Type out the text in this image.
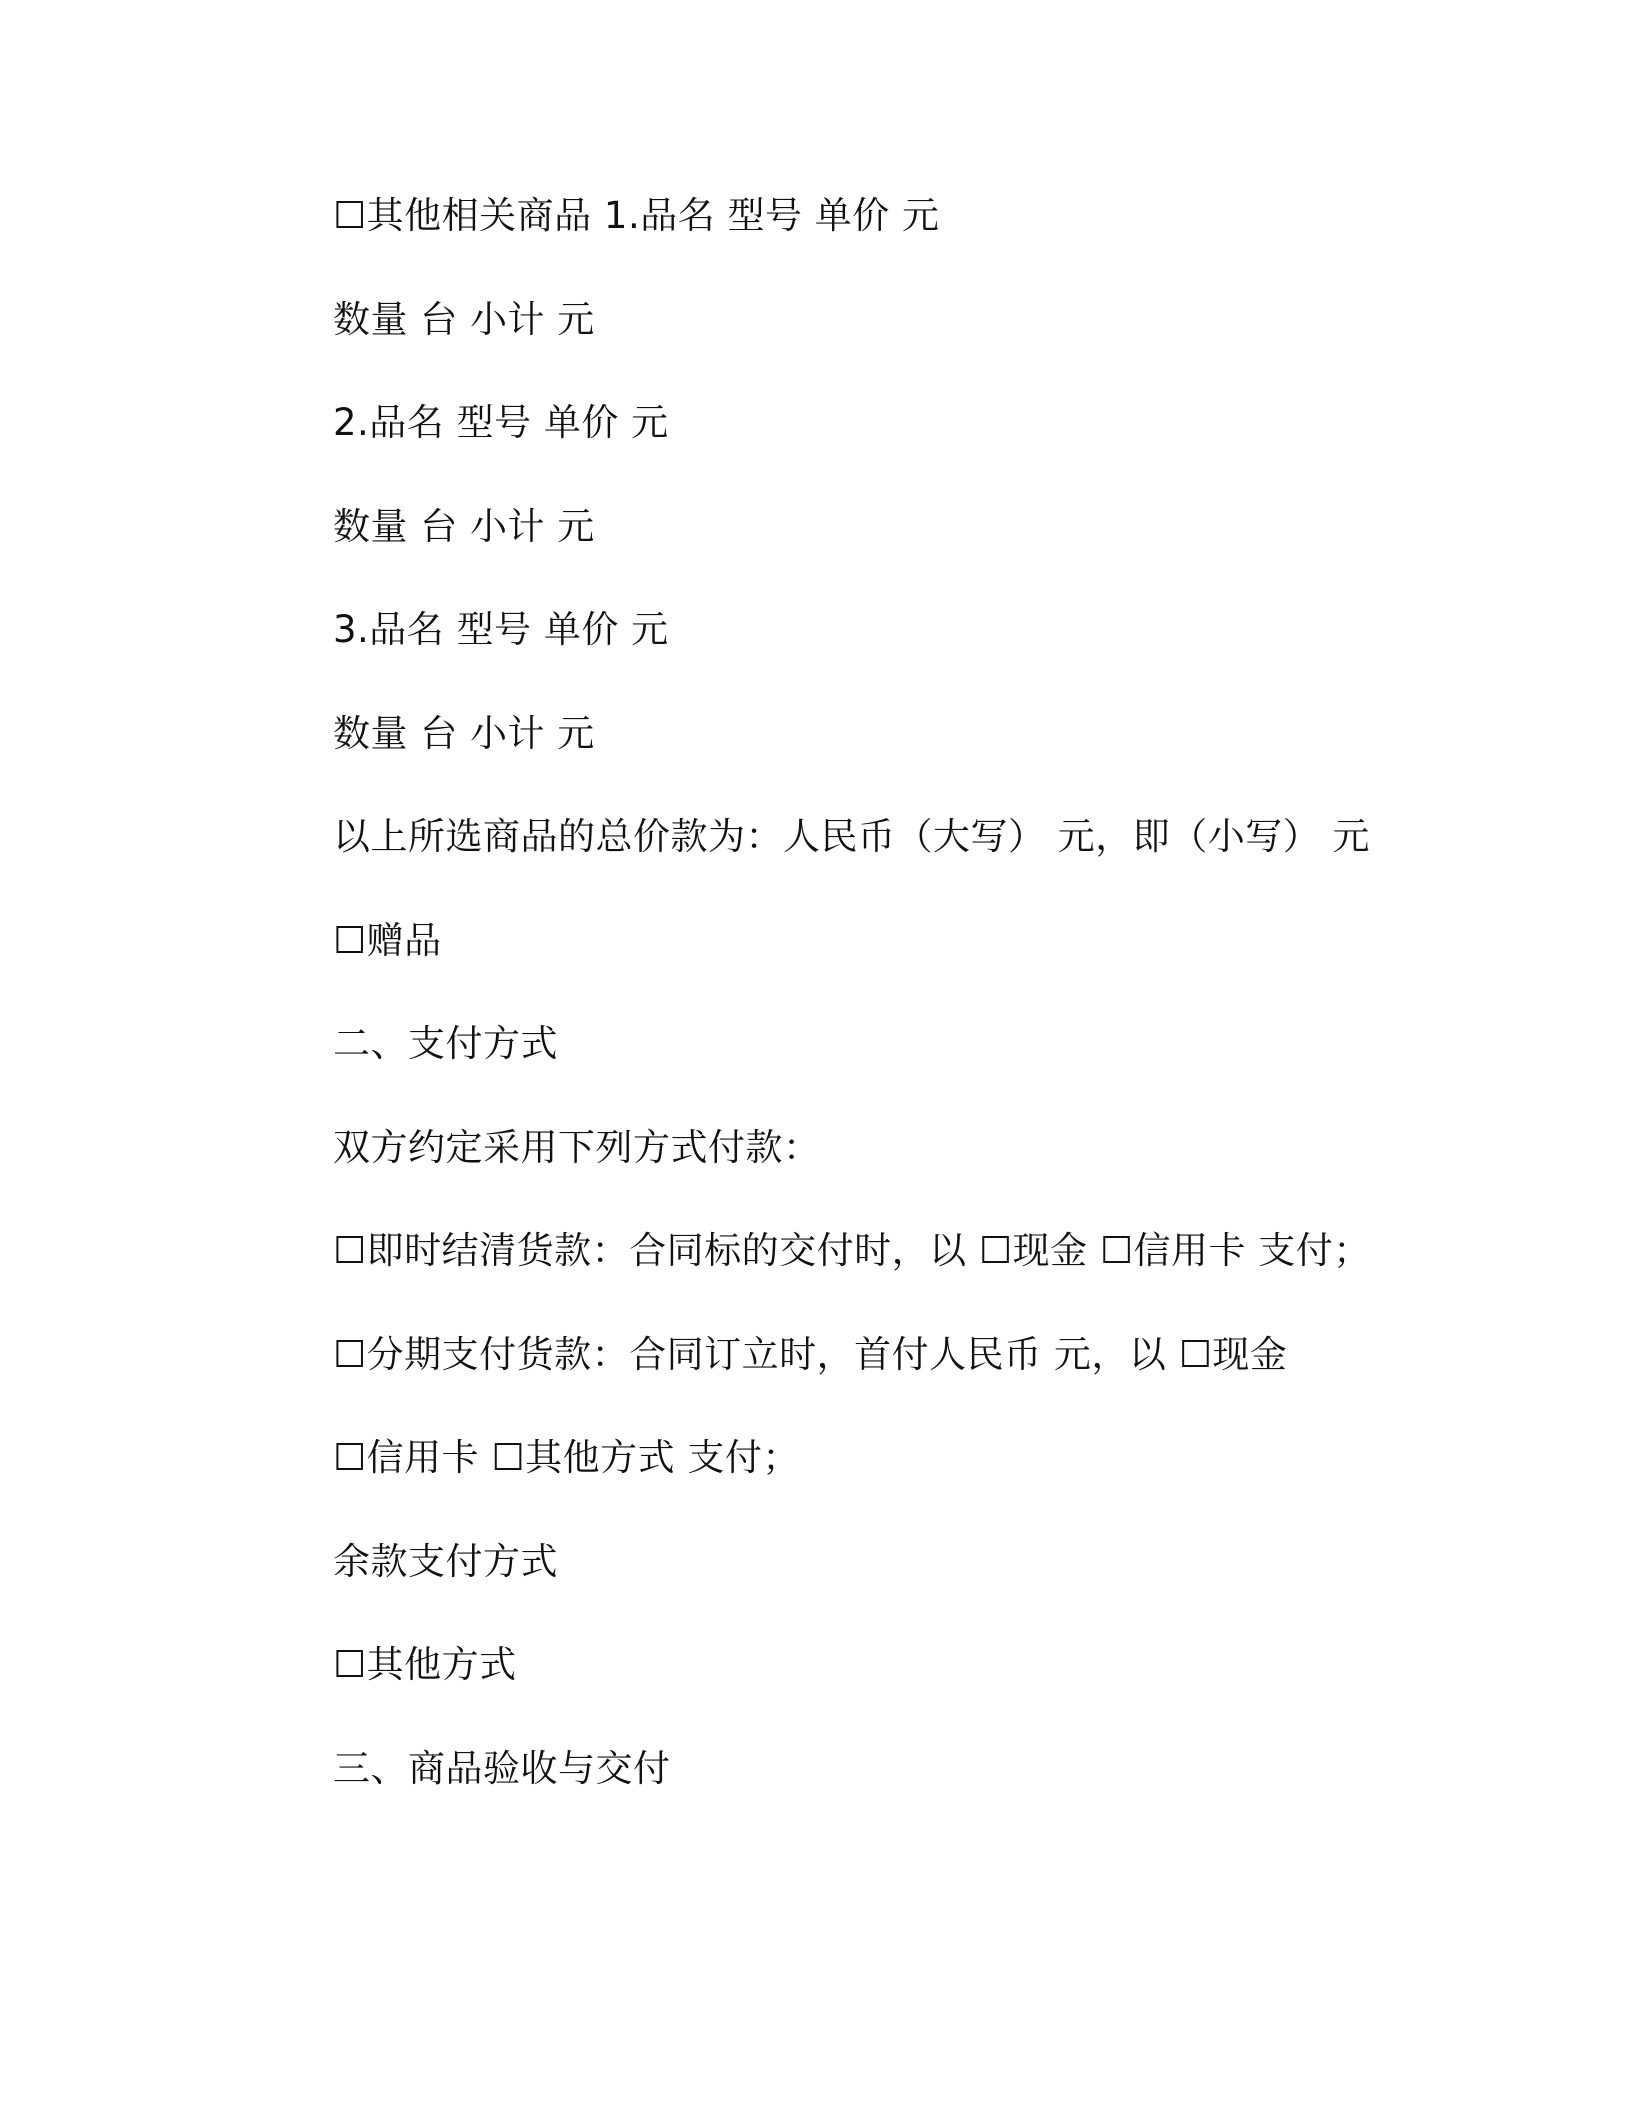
☐其他相关商品 1.品名 型号 单价 元
数量 台 小计 元
2.品名 型号 单价 元
数量 台 小计 元
3.品名 型号 单价 元
数量 台 小计 元
以上所选商品的总价款为：人民币（大写） 元，即（小写） 元
☐赠品
二、支付方式
双方约定采用下列方式付款：
☐即时结清货款：合同标的交付时，以 ☐现金 ☐信用卡 支付；
☐分期支付货款：合同订立时，首付人民币 元，以 ☐现金
☐信用卡 ☐其他方式 支付；
余款支付方式
☐其他方式
三、商品验收与交付
